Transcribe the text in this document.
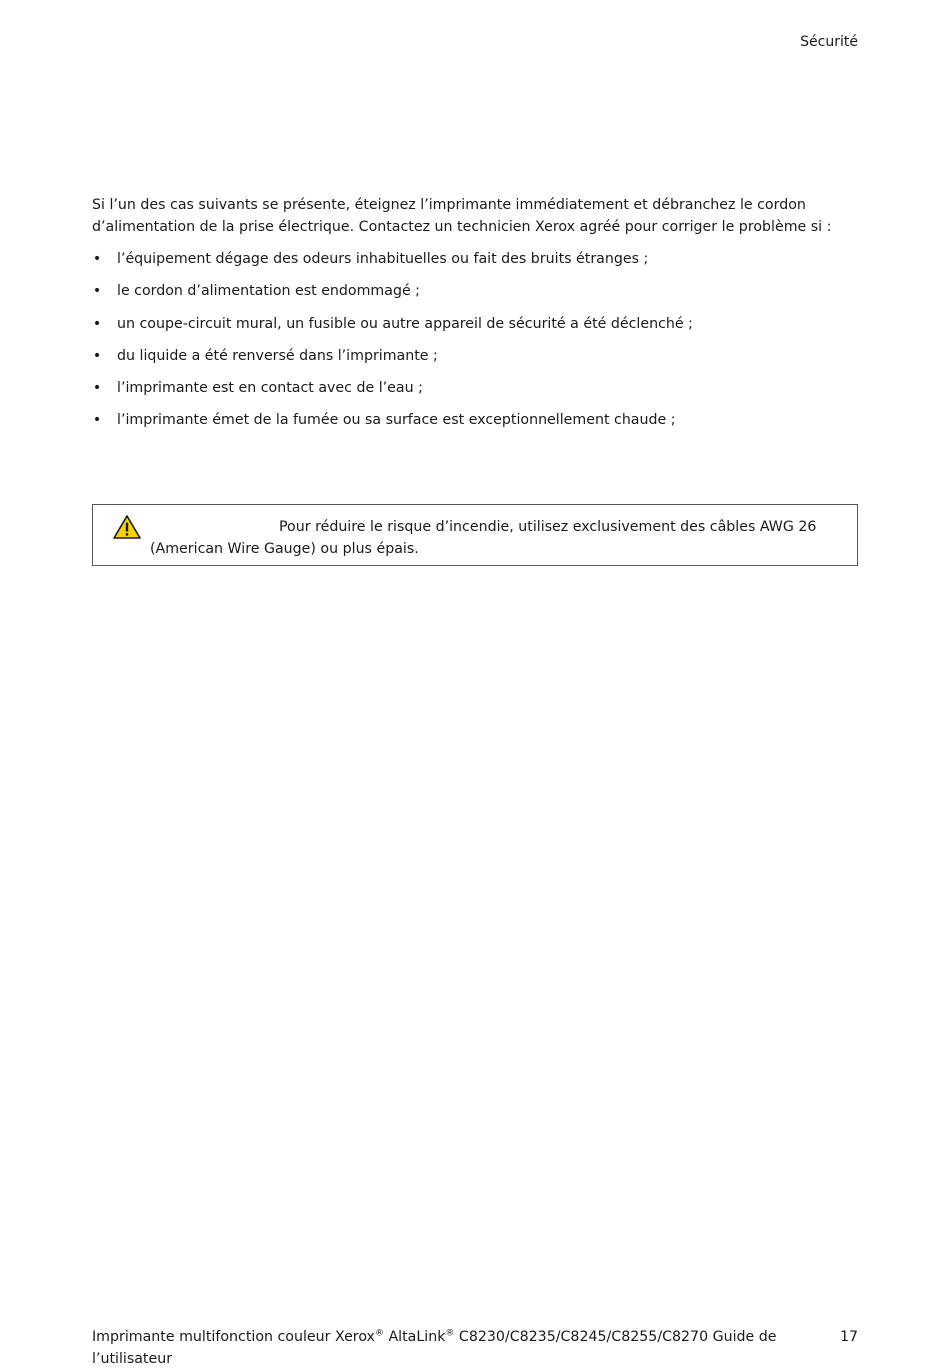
Sécurité

Si l’un des cas suivants se présente, éteignez l’imprimante immédiatement et débranchez le cordon d’alimentation de la prise électrique. Contactez un technicien Xerox agréé pour corriger le problème si :

• l’équipement dégage des odeurs inhabituelles ou fait des bruits étranges ;
• le cordon d’alimentation est endommagé ;
• un coupe-circuit mural, un fusible ou autre appareil de sécurité a été déclenché ;
• du liquide a été renversé dans l’imprimante ;
• l’imprimante est en contact avec de l’eau ;
• l’imprimante émet de la fumée ou sa surface est exceptionnellement chaude ;

Pour réduire le risque d’incendie, utilisez exclusivement des câbles AWG 26 (American Wire Gauge) ou plus épais.

Imprimante multifonction couleur Xerox® AltaLink® C8230/C8235/C8245/C8255/C8270 Guide de l’utilisateur
17
